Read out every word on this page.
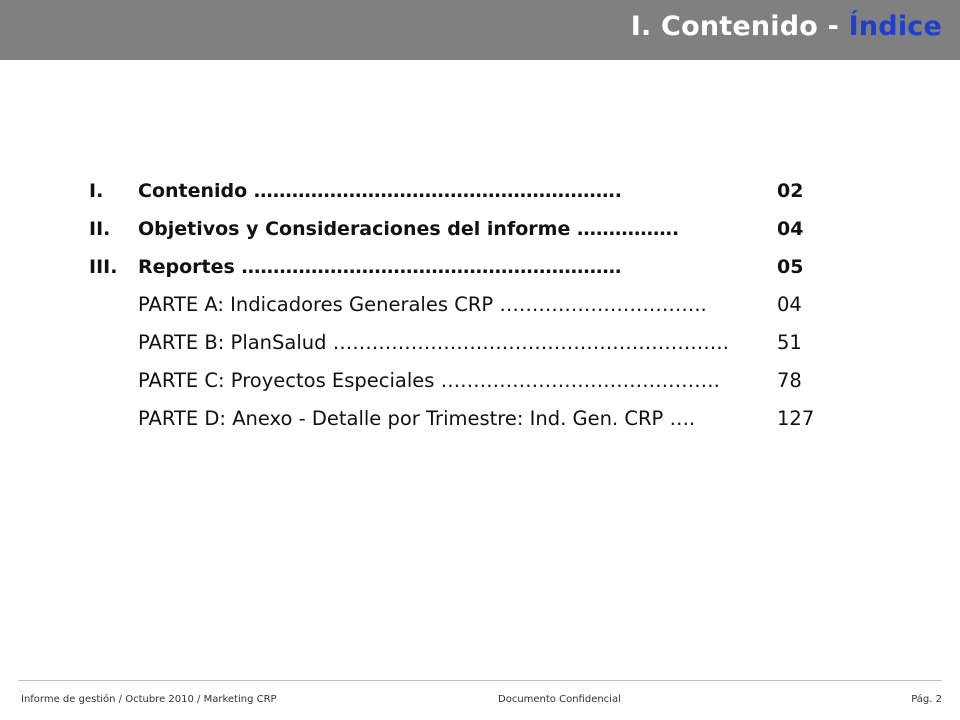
I. Contenido - Índice
I. Contenido ………………………………………………….	02
II. Objetivos y Consideraciones del informe …………….	04
III. Reportes ……………………………………………………	05
PARTE A: Indicadores Generales CRP …………………………..	04
PARTE B: PlanSalud ……………………………………………………. 51
PARTE C: Proyectos Especiales …………………………………….	78
PARTE D: Anexo - Detalle por Trimestre: Ind. Gen. CRP ….	127
Informe de gestión / Octubre 2010 / Marketing CRP	Documento Confidencial	Pág. 2
